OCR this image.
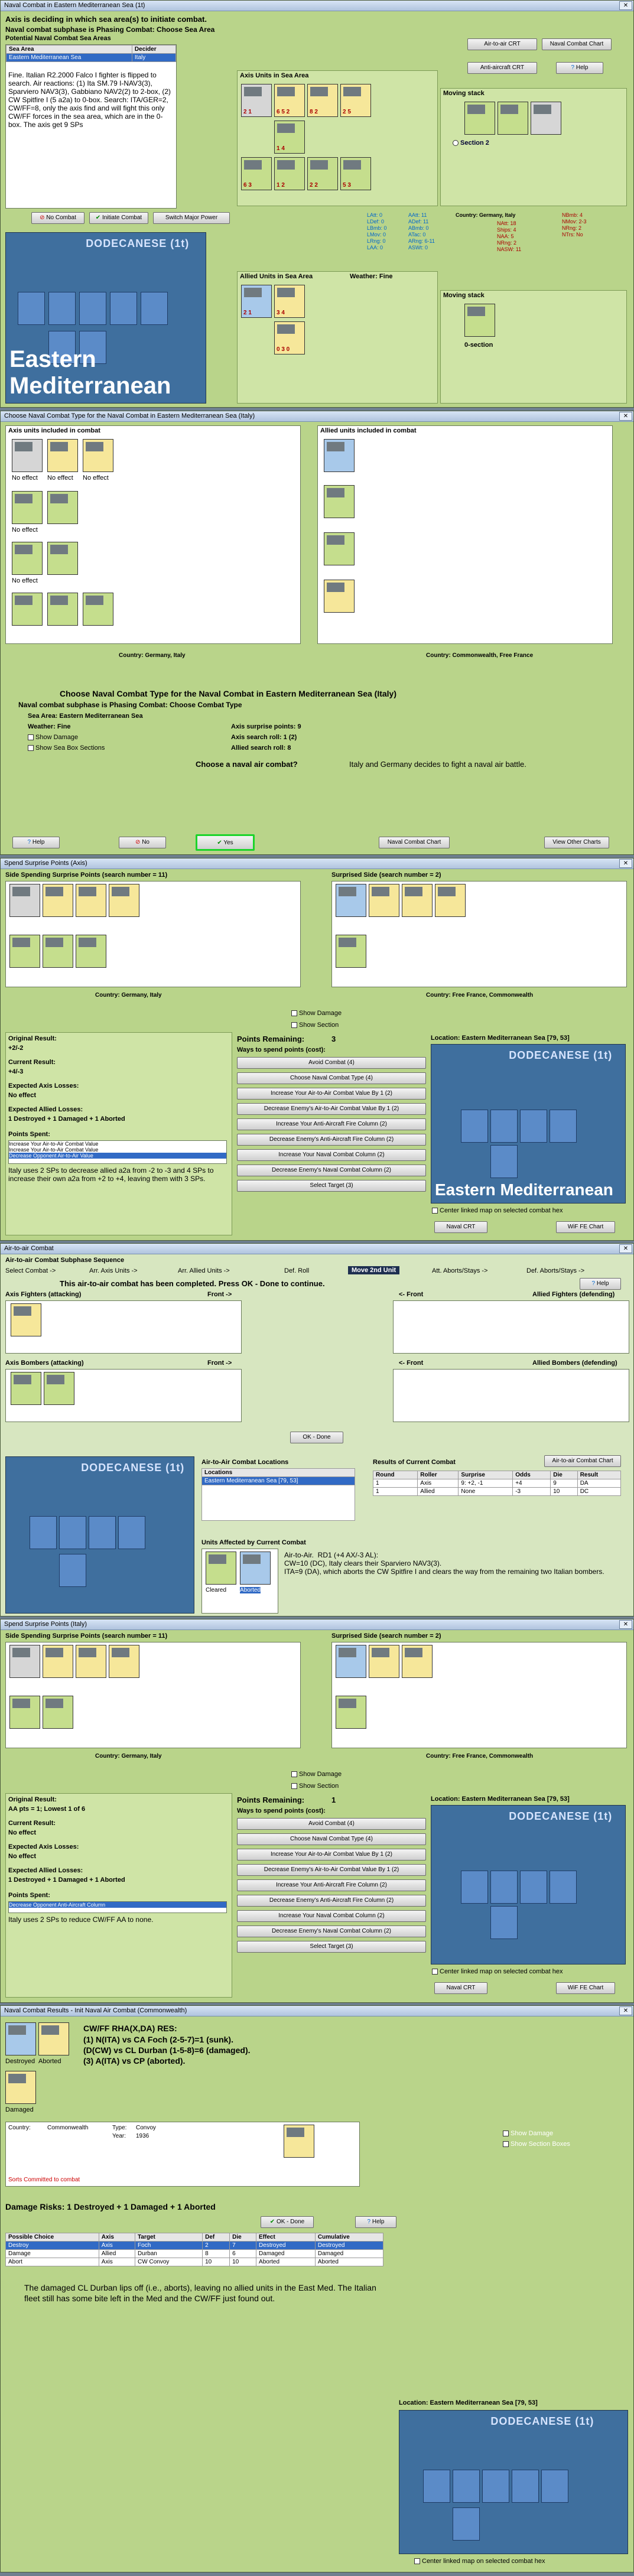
Naval Combat in Eastern Mediterranean Sea (1t)	✕
Axis is deciding in which sea area(s) to initiate combat.
Naval combat subphase is Phasing Combat: Choose Sea Area
Potential Naval Combat Sea Areas
Sea Area	Decider
Eastern Mediterranean Sea	Italy
Fine. Italian R2.2000 Falco I fighter is flipped to search. Air reactions: (1) Ita SM.79 I-NAV3(3), Sparviero NAV3(3), Gabbiano NAV2(2) to 2-box, (2) CW Spitfire I (5 a2a) to 0-box. Search: ITA/GER=2, CW/FF=8, only the axis find and will fight this only CW/FF forces in the sea area, which are in the 0-box. The axis get 9 SPs
⊘ No Combat	✔ Initiate Combat	Switch Major Power
Air-to-air CRT	Naval Combat Chart
Anti-aircraft CRT	? Help
Axis Units in Sea Area
2 1	6 5 2	8 2	2 5
1 4
6 3	1 2	2 2	5 3
Moving stack
Section 2
Country: Germany, Italy
LAtt: 0
LDef: 0
LBmb: 0
LMov: 0
LRng: 0
LAA: 0
AAtt: 11
ADef: 11
ABmb: 0
ATac: 0
ARng: 6-11
ASWt: 0
NAtt: 18
Ships: 4
NAA: 5
NRng: 2
NASW: 11
NBmb: 4
NMov: 2-3
NRng: 2
NTrs: No
DODECANESE (1t)
Eastern Mediterranean
Allied Units in Sea Area	Weather: Fine
2 1	3 4
0 3 0
Moving stack
0-section
Choose Naval Combat Type for the Naval Combat in Eastern Mediterranean Sea (Italy)	✕
Axis units included in combat
No effect No effect No effect
No effect
No effect
Allied units included in combat
Country: Germany, Italy	Country: Commonwealth, Free France
Choose Naval Combat Type for the Naval Combat in Eastern Mediterranean Sea (Italy)
Naval combat subphase is Phasing Combat: Choose Combat Type
Sea Area: Eastern Mediterranean Sea
Weather: Fine	Axis surprise points: 9
Axis search roll: 1 (2)
Allied search roll: 8
Show Damage
Show Sea Box Sections
Choose a naval air combat?	Italy and Germany decides to fight a naval air battle.
? Help	⊘ No	✔ Yes	Naval Combat Chart	View Other Charts
Spend Surprise Points (Axis)	✕
Side Spending Surprise Points (search number = 11)	Surprised Side (search number = 2)
Country: Germany, Italy	Country: Free France, Commonwealth
Show Damage
Show Section
Original Result:
+2/-2
Current Result:
+4/-3
Expected Axis Losses:
No effect
Expected Allied Losses:
1 Destroyed + 1 Damaged + 1 Aborted
Points Spent:
Increase Your Air-to-Air Combat Value
Increase Your Air-to-Air Combat Value
Decrease Opponent Air-to-Air Value
Italy uses 2 SPs to decrease allied a2a from -2 to -3 and 4 SPs to increase their own a2a from +2 to +4, leaving them with 3 SPs.
Points Remaining:	3
Ways to spend points (cost):
Avoid Combat (4)
Choose Naval Combat Type (4)
Increase Your Air-to-Air Combat Value By 1 (2)
Decrease Enemy's Air-to-Air Combat Value By 1 (2)
Increase Your Anti-Aircraft Fire Column (2)
Decrease Enemy's Anti-Aircraft Fire Column (2)
Increase Your Naval Combat Column (2)
Decrease Enemy's Naval Combat Column (2)
Select Target (3)
Location: Eastern Mediterranean Sea [79, 53]
DODECANESE (1t)
Eastern Mediterranean
Center linked map on selected combat hex
Naval CRT	WiF FE Chart
Air-to-air Combat	✕
Air-to-air Combat Subphase Sequence
Select Combat ->	Arr. Axis Units ->	Arr. Allied Units ->	Def. Roll	Move 2nd Unit	Att. Aborts/Stays ->	Def. Aborts/Stays ->
This air-to-air combat has been completed. Press OK - Done to continue.	? Help
Axis Fighters (attacking)	Front ->	<- Front	Allied Fighters (defending)
Axis Bombers (attacking)	Front ->	<- Front	Allied Bombers (defending)
OK - Done
DODECANESE (1t)	Air-to-Air Combat Locations
Locations
Eastern Mediterranean Sea [79, 53]

Results of Current Combat	Air-to-air Combat Chart
Round	Roller	Surprise	Odds	Die	Result
1	Axis	9: +2, -1	+4	9	DA
1	Allied	None	-3	10	DC
Units Affected by Current Combat
Cleared Aborted
Air-to-Air.  RD1 (+4 AX/-3 AL):
CW=10 (DC), Italy clears their Sparviero NAV3(3).
ITA=9 (DA), which aborts the CW Spitfire I and clears the way from the remaining two Italian bombers.
Spend Surprise Points (Italy)	✕
Side Spending Surprise Points (search number = 11)	Surprised Side (search number = 2)
Country: Germany, Italy	Country: Free France, Commonwealth
Show Damage
Show Section
Original Result:
AA pts = 1; Lowest 1 of 6
Current Result:
No effect
Expected Axis Losses:
No effect
Expected Allied Losses:
1 Destroyed + 1 Damaged + 1 Aborted
Points Spent:
Decrease Opponent Anti-Aircraft Column
Italy uses 2 SPs to reduce CW/FF AA to none.
Points Remaining:	1
Ways to spend points (cost):
Avoid Combat (4)
Choose Naval Combat Type (4)
Increase Your Air-to-Air Combat Value By 1 (2)
Decrease Enemy's Air-to-Air Combat Value By 1 (2)
Increase Your Anti-Aircraft Fire Column (2)
Decrease Enemy's Anti-Aircraft Fire Column (2)
Increase Your Naval Combat Column (2)
Decrease Enemy's Naval Combat Column (2)
Select Target (3)
Location: Eastern Mediterranean Sea [79, 53]
DODECANESE (1t)
Center linked map on selected combat hex
Naval CRT	WiF FE Chart
Naval Combat Results - Init Naval Air Combat (Commonwealth)	✕
Destroyed Aborted
Damaged
CW/FF RHA(X,DA) RES:
(1) N(ITA) vs CA Foch (2-5-7)=1 (sunk).
(D(CW) vs CL Durban (1-5-8)=6 (damaged).
(3) A(ITA) vs CP (aborted).
Country:	Commonwealth	Type: Convoy
Year: 1936
Sorts Committed to combat
Show Damage
Show Section Boxes
Damage Risks: 1 Destroyed + 1 Damaged + 1 Aborted
✔ OK - Done	? Help
Possible Choice	Axis	Target	Def	Die	Effect	Cumulative
Destroy	Axis	Foch	2	7	Destroyed	Destroyed
Damage	Allied	Durban	8	6	Damaged	Damaged
Abort	Axis	CW Convoy	10	10	Aborted	Aborted
The damaged CL Durban lips off (i.e., aborts), leaving no allied units in the East Med. The Italian fleet still has some bite left in the Med and the CW/FF just found out.
Location: Eastern Mediterranean Sea [79, 53]
DODECANESE (1t)
Center linked map on selected combat hex
